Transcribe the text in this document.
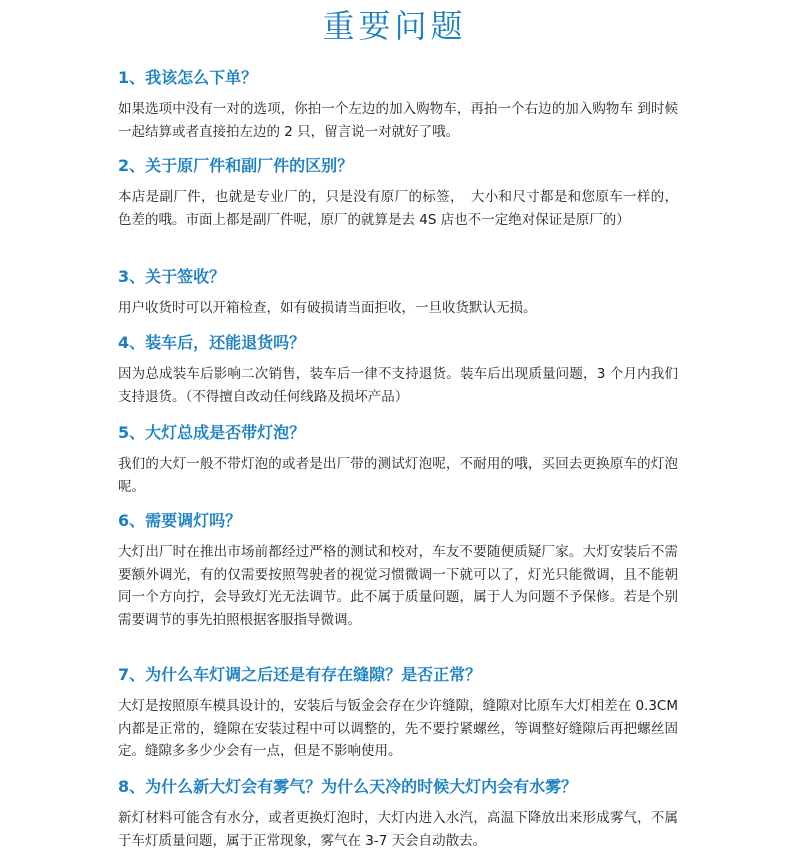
重要问题

1、我该怎么下单？

如果选项中没有一对的选项，你拍一个左边的加入购物车，再拍一个右边的加入购物车 到时候一起结算或者直接拍左边的 2 只，留言说一对就好了哦。

2、关于原厂件和副厂件的区别？

本店是副厂件，也就是专业厂的，只是没有原厂的标签，　大小和尺寸都是和您原车一样的，色差的哦。市面上都是副厂件呢，原厂的就算是去 4S 店也不一定绝对保证是原厂的）

3、关于签收？

用户收货时可以开箱检查，如有破损请当面拒收，一旦收货默认无损。

4、装车后，还能退货吗？

因为总成装车后影响二次销售，装车后一律不支持退货。装车后出现质量问题，3 个月内我们支持退货。（不得擅自改动任何线路及损坏产品）

5、大灯总成是否带灯泡？

我们的大灯一般不带灯泡的或者是出厂带的测试灯泡呢，不耐用的哦，买回去更换原车的灯泡呢。

6、需要调灯吗？

大灯出厂时在推出市场前都经过严格的测试和校对，车友不要随便质疑厂家。大灯安装后不需要额外调光，有的仅需要按照驾驶者的视觉习惯微调一下就可以了，灯光只能微调，且不能朝同一个方向拧，会导致灯光无法调节。此不属于质量问题，属于人为问题不予保修。若是个别需要调节的事先拍照根据客服指导微调。

7、为什么车灯调之后还是有存在缝隙？是否正常？

大灯是按照原车模具设计的，安装后与钣金会存在少许缝隙，缝隙对比原车大灯相差在 0.3CM 内都是正常的，缝隙在安装过程中可以调整的，先不要拧紧螺丝，等调整好缝隙后再把螺丝固定。缝隙多多少少会有一点，但是不影响使用。

8、为什么新大灯会有雾气？为什么天冷的时候大灯内会有水雾？

新灯材料可能含有水分，或者更换灯泡时，大灯内进入水汽，高温下降放出来形成雾气，不属于车灯质量问题，属于正常现象，雾气在 3-7 天会自动散去。
